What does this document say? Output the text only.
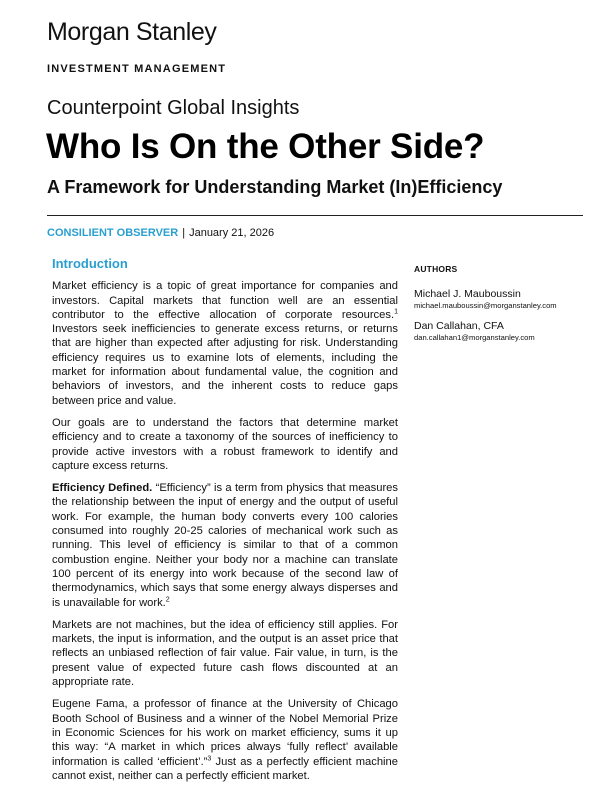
Morgan Stanley
INVESTMENT MANAGEMENT
Counterpoint Global Insights
Who Is On the Other Side?
A Framework for Understanding Market (In)Efficiency
CONSILIENT OBSERVER | January 21, 2026
Introduction

Market efficiency is a topic of great importance for companies and investors. Capital markets that function well are an essential contributor to the effective allocation of corporate resources.$^1$ Investors seek inefficiencies to generate excess returns, or returns that are higher than expected after adjusting for risk. Understanding efficiency requires us to examine lots of elements, including the market for information about fundamental value, the cognition and behaviors of investors, and the inherent costs to reduce gaps between price and value.

Our goals are to understand the factors that determine market efficiency and to create a taxonomy of the sources of inefficiency to provide active investors with a robust framework to identify and capture excess returns.

Efficiency Defined. “Efficiency” is a term from physics that measures the relationship between the input of energy and the output of useful work. For example, the human body converts every 100 calories consumed into roughly 20-25 calories of mechanical work such as running. This level of efficiency is similar to that of a common combustion engine. Neither your body nor a machine can translate 100 percent of its energy into work because of the second law of thermodynamics, which says that some energy always disperses and is unavailable for work.$^2$

Markets are not machines, but the idea of efficiency still applies. For markets, the input is information, and the output is an asset price that reflects an unbiased reflection of fair value. Fair value, in turn, is the present value of expected future cash flows discounted at an appropriate rate.

Eugene Fama, a professor of finance at the University of Chicago Booth School of Business and a winner of the Nobel Memorial Prize in Economic Sciences for his work on market efficiency, sums it up this way: “A market in which prices always ‘fully reflect’ available information is called ‘efficient’.”$^3$ Just as a perfectly efficient machine cannot exist, neither can a perfectly efficient market.

AUTHORS
Michael J. Mauboussin
michael.mauboussin@morganstanley.com
Dan Callahan, CFA
dan.callahan1@morganstanley.com
